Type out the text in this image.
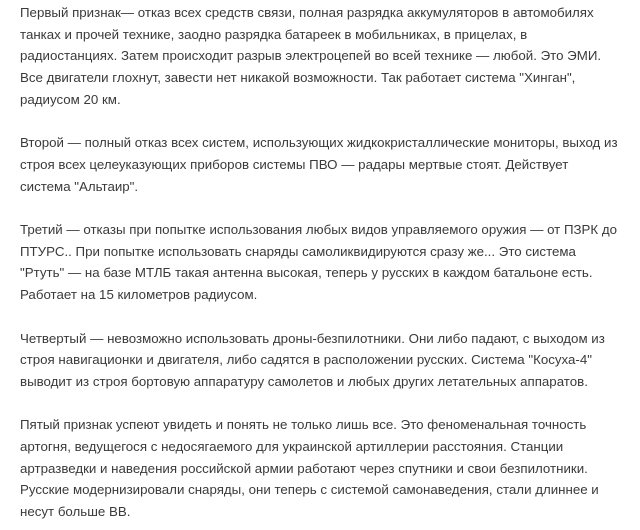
Первый признак— отказ всех средств связи, полная разрядка аккумуляторов в автомобилях танках и прочей технике, заодно разрядка батареек в мобильниках, в прицелах, в радиостанциях. Затем происходит разрыв электроцепей во всей технике — любой. Это ЭМИ. Все двигатели глохнут, завести нет никакой возможности. Так работает система "Хинган", радиусом 20 км.

Второй — полный отказ всех систем, использующих жидкокристаллические мониторы, выход из строя всех целеуказующих приборов системы ПВО — радары мертвые стоят. Действует система "Альтаир".

Третий — отказы при попытке использования любых видов управляемого оружия — от ПЗРК до ПТУРС.. При попытке использовать снаряды самоликвидируются сразу же... Это система "Ртуть" — на базе МТЛБ такая антенна высокая, теперь у русских в каждом батальоне есть. Работает на 15 километров радиусом.

Четвертый — невозможно использовать дроны-безпилотники. Они либо падают, с выходом из строя навигационки и двигателя, либо садятся в расположении русских. Система "Косуха-4" выводит из строя бортовую аппаратуру самолетов и любых других летательных аппаратов.

Пятый признак успеют увидеть и понять не только лишь все. Это феноменальная точность артогня, ведущегося с недосягаемого для украинской артиллерии расстояния. Станции артразведки и наведения российской армии работают через спутники и свои безпилотники. Русские модернизировали снаряды, они теперь с системой самонаведения, стали длиннее и несут больше ВВ.
